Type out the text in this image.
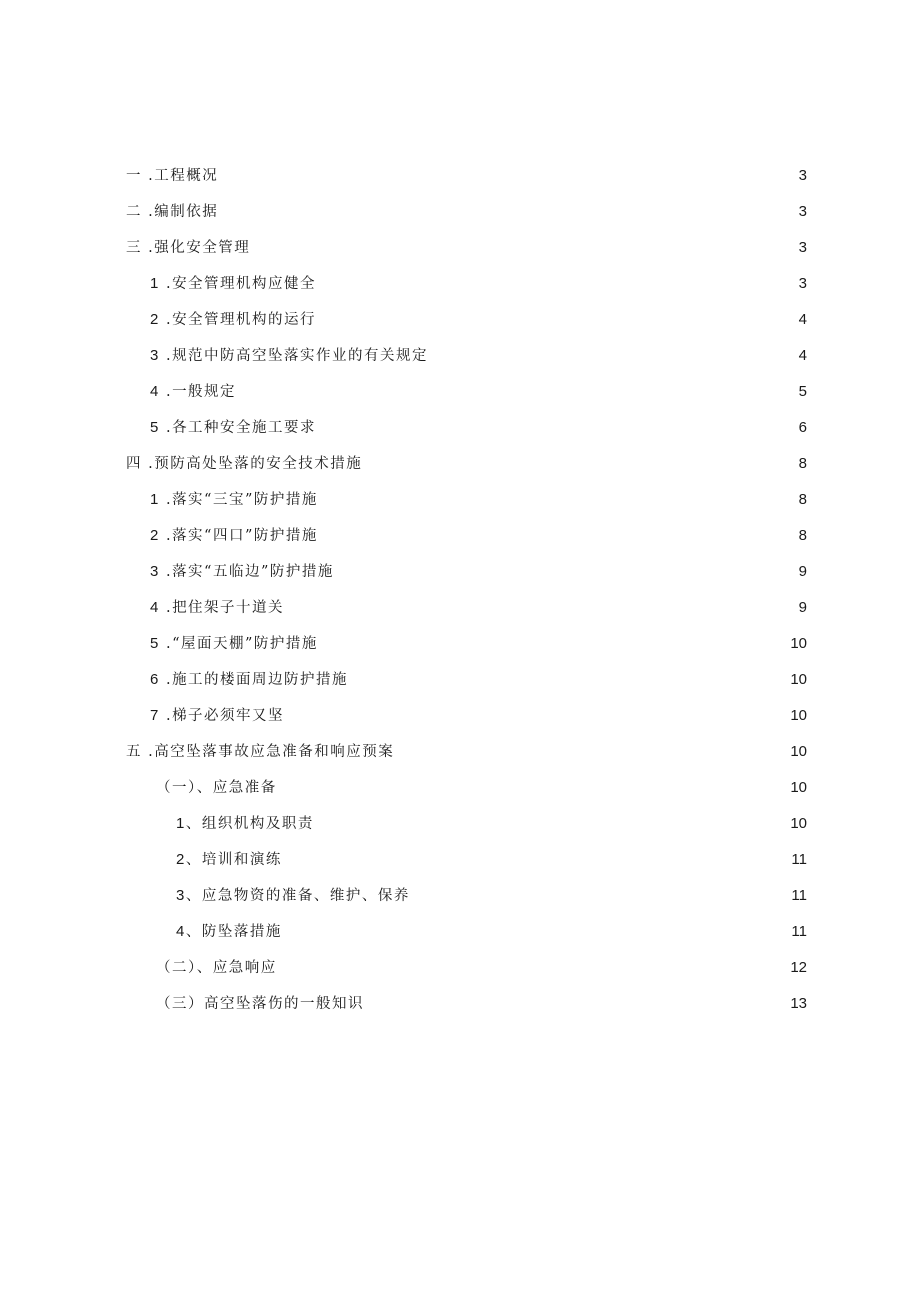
一 .工程概况	3
二 .编制依据	3
三 .强化安全管理	3
1 .安全管理机构应健全	3
2 .安全管理机构的运行	4
3 .规范中防高空坠落实作业的有关规定	4
4 .一般规定	5
5 .各工种安全施工要求	6
四 .预防高处坠落的安全技术措施	8
1 .落实“三宝”防护措施	8
2 .落实“四口”防护措施	8
3 .落实“五临边”防护措施	9
4 .把住架子十道关	9
5 .“屋面天棚”防护措施	10
6 .施工的楼面周边防护措施	10
7 .梯子必须牢又坚	10
五 .高空坠落事故应急准备和响应预案	10
（一）、应急准备	10
1、组织机构及职责	10
2、培训和演练	11
3、应急物资的准备、维护、保养	11
4、防坠落措施	11
（二）、应急响应	12
（三）高空坠落伤的一般知识	13
